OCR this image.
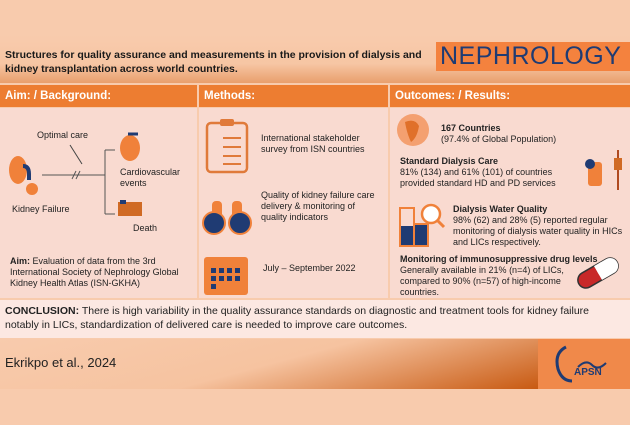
Structures for quality assurance and measurements in the provision of dialysis and kidney transplantation across world countries.	NEPHROLOGY
Aim: / Background:	Methods:	Outcomes: / Results:
Optimal care
Kidney Failure
Cardiovascular events
Death
Aim: Evaluation of data from the 3rd International Society of Nephrology Global Kidney Health Atlas (ISN-GKHA)
International stakeholder survey from ISN countries
Quality of kidney failure care delivery & monitoring of quality indicators
July – September 2022
167 Countries
(97.4% of Global Population)
Standard Dialysis Care
81% (134) and 61% (101) of countries provided standard HD and PD services
Dialysis Water Quality
98% (62) and 28% (5) reported regular monitoring of dialysis water quality in HICs and LICs respectively.
Monitoring of immunosuppressive drug levels
Generally available in 21% (n=4) of LICs, compared to 90% (n=57) of high-income countries.
CONCLUSION: There is high variability in the quality assurance standards on diagnostic and treatment tools for kidney failure notably in LICs, standardization of delivered care is needed to improve care outcomes.
Ekrikpo et al., 2024
APSN
